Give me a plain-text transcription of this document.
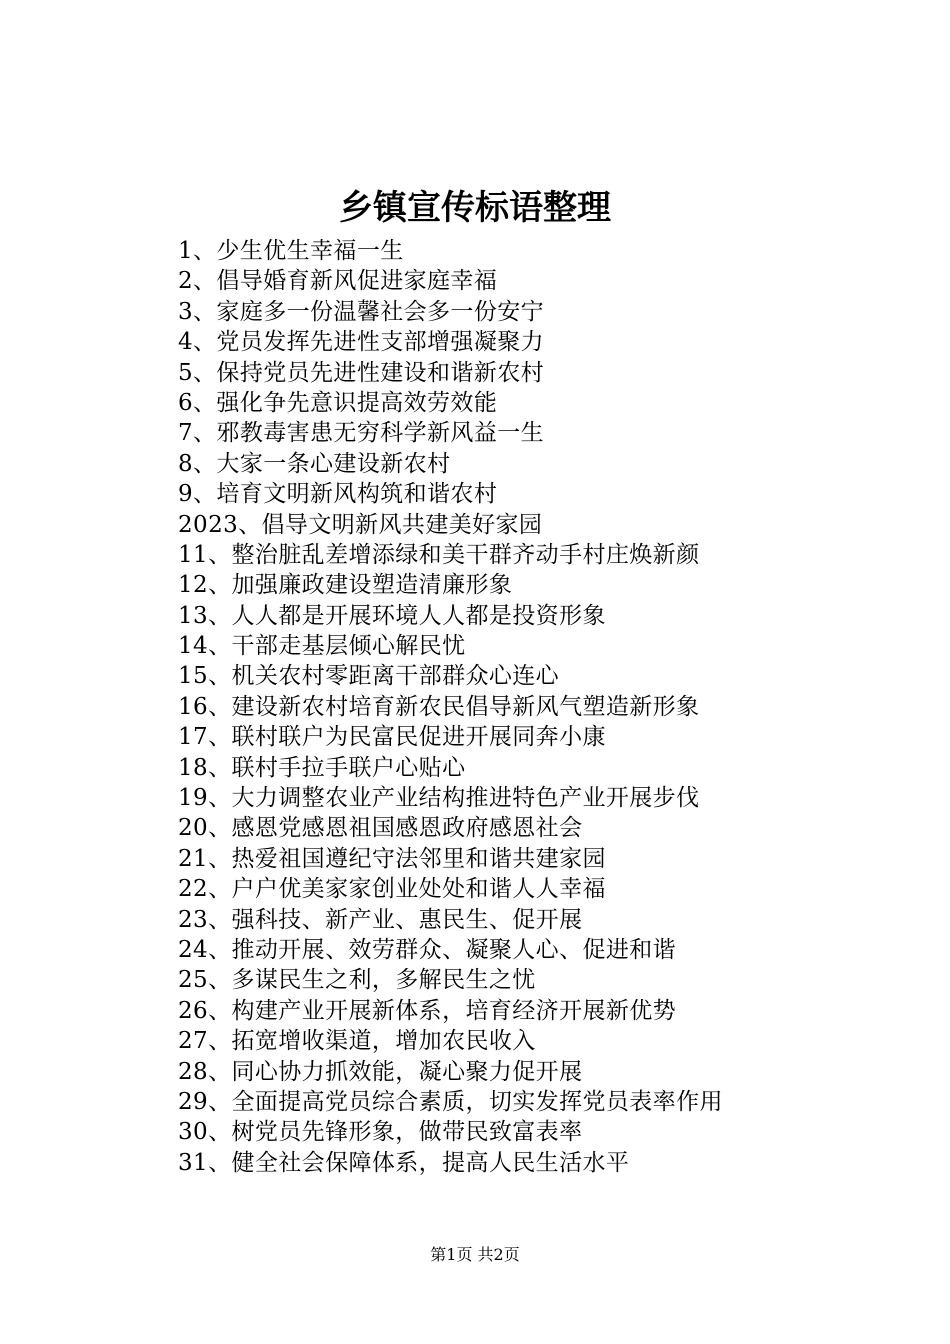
乡镇宣传标语整理
1、少生优生幸福一生
2、倡导婚育新风促进家庭幸福
3、家庭多一份温馨社会多一份安宁
4、党员发挥先进性支部增强凝聚力
5、保持党员先进性建设和谐新农村
6、强化争先意识提高效劳效能
7、邪教毒害患无穷科学新风益一生
8、大家一条心建设新农村
9、培育文明新风构筑和谐农村
2023、倡导文明新风共建美好家园
11、整治脏乱差增添绿和美干群齐动手村庄焕新颜
12、加强廉政建设塑造清廉形象
13、人人都是开展环境人人都是投资形象
14、干部走基层倾心解民忧
15、机关农村零距离干部群众心连心
16、建设新农村培育新农民倡导新风气塑造新形象
17、联村联户为民富民促进开展同奔小康
18、联村手拉手联户心贴心
19、大力调整农业产业结构推进特色产业开展步伐
20、感恩党感恩祖国感恩政府感恩社会
21、热爱祖国遵纪守法邻里和谐共建家园
22、户户优美家家创业处处和谐人人幸福
23、强科技、新产业、惠民生、促开展
24、推动开展、效劳群众、凝聚人心、促进和谐
25、多谋民生之利，多解民生之忧
26、构建产业开展新体系，培育经济开展新优势
27、拓宽增收渠道，增加农民收入
28、同心协力抓效能，凝心聚力促开展
29、全面提高党员综合素质，切实发挥党员表率作用
30、树党员先锋形象，做带民致富表率
31、健全社会保障体系，提高人民生活水平
第1页 共2页
